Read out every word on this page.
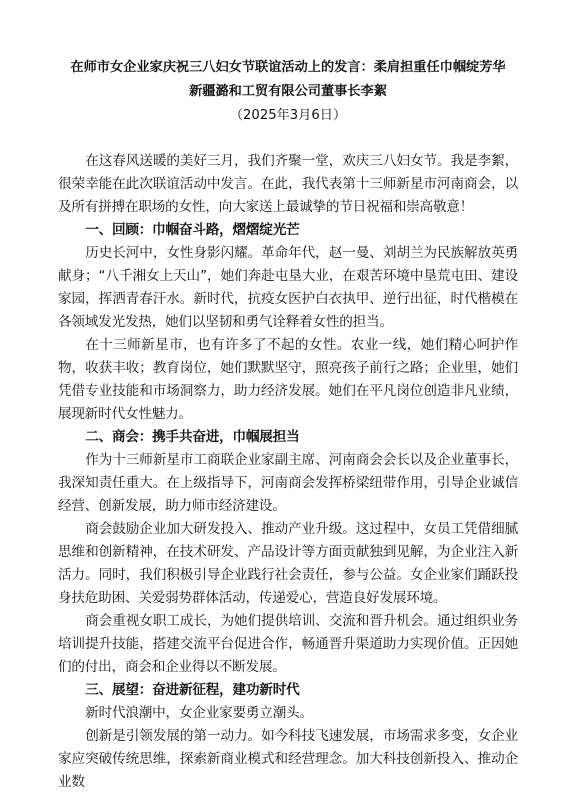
在师市女企业家庆祝三八妇女节联谊活动上的发言：柔肩担重任巾帼绽芳华
新疆潞和工贸有限公司董事长李絮
（2025年3月6日）

在这春风送暖的美好三月，我们齐聚一堂，欢庆三八妇女节。我是李絮，很荣幸能在此次联谊活动中发言。在此，我代表第十三师新星市河南商会，以及所有拼搏在职场的女性，向大家送上最诚挚的节日祝福和崇高敬意！

一、回顾：巾帼奋斗路，熠熠绽光芒

历史长河中，女性身影闪耀。革命年代，赵一曼、刘胡兰为民族解放英勇献身；“八千湘女上天山”，她们奔赴屯垦大业，在艰苦环境中垦荒屯田、建设家园，挥洒青春汗水。新时代，抗疫女医护白衣执甲、逆行出征，时代楷模在各领域发光发热，她们以坚韧和勇气诠释着女性的担当。

在十三师新星市，也有许多了不起的女性。农业一线，她们精心呵护作物，收获丰收；教育岗位，她们默默坚守，照亮孩子前行之路；企业里，她们凭借专业技能和市场洞察力，助力经济发展。她们在平凡岗位创造非凡业绩，展现新时代女性魅力。

二、商会：携手共奋进，巾帼展担当

作为十三师新星市工商联企业家副主席、河南商会会长以及企业董事长，我深知责任重大。在上级指导下，河南商会发挥桥梁纽带作用，引导企业诚信经营、创新发展，助力师市经济建设。

商会鼓励企业加大研发投入、推动产业升级。这过程中，女员工凭借细腻思维和创新精神，在技术研发、产品设计等方面贡献独到见解，为企业注入新活力。同时，我们积极引导企业践行社会责任，参与公益。女企业家们踊跃投身扶危助困、关爱弱势群体活动，传递爱心，营造良好发展环境。

商会重视女职工成长，为她们提供培训、交流和晋升机会。通过组织业务培训提升技能，搭建交流平台促进合作，畅通晋升渠道助力实现价值。正因她们的付出，商会和企业得以不断发展。

三、展望：奋进新征程，建功新时代

新时代浪潮中，女企业家要勇立潮头。

创新是引领发展的第一动力。如今科技飞速发展，市场需求多变，女企业家应突破传统思维，探索新商业模式和经营理念。加大科技创新投入、推动企业数
